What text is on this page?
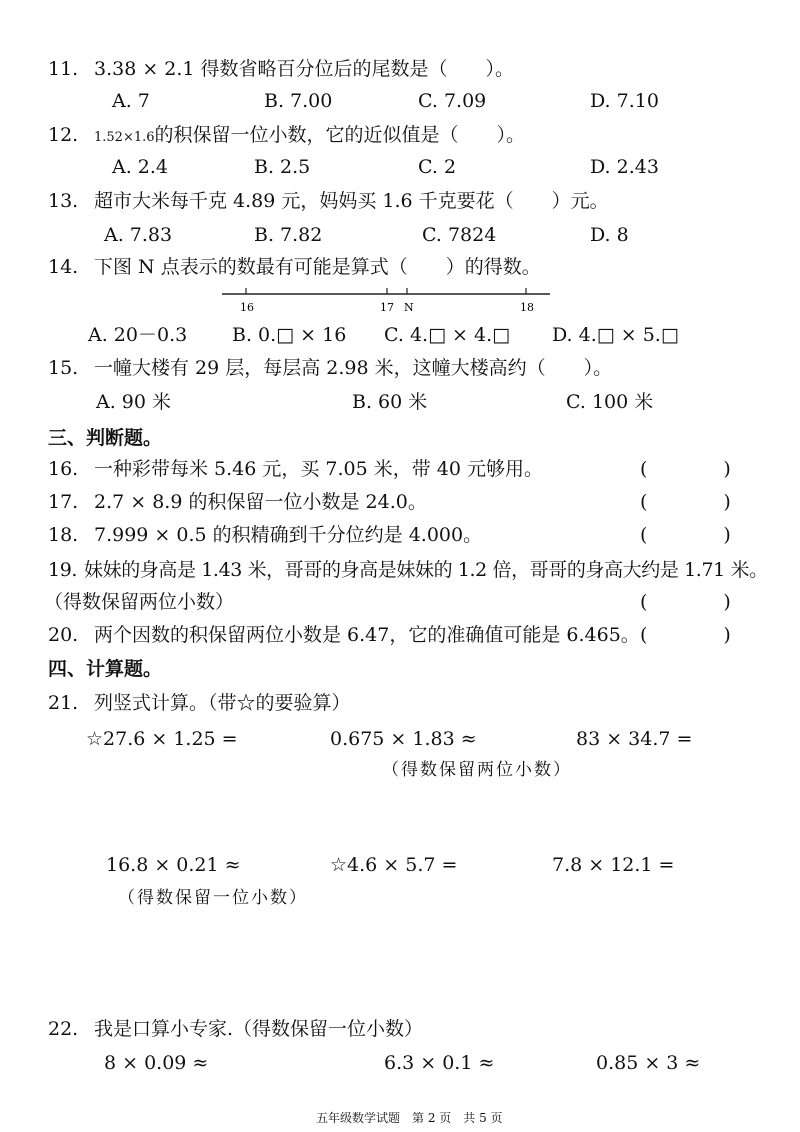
11. 3.38 × 2.1 得数省略百分位后的尾数是（　　）。
A. 7	B. 7.00	C. 7.09	D. 7.10
12. 1.52×1.6的积保留一位小数，它的近似值是（　　）。
A. 2.4	B. 2.5	C. 2	D. 2.43
13. 超市大米每千克 4.89 元，妈妈买 1.6 千克要花（　　）元。
A. 7.83	B. 7.82	C. 7824	D. 8
14. 下图 N 点表示的数最有可能是算式（　　）的得数。
16	17 N	18
A. 20－0.3 B. 0.□ × 16 C. 4.□ × 4.□ D. 4.□ × 5.□
15. 一幢大楼有 29 层，每层高 2.98 米，这幢大楼高约（　　）。
A. 90 米	B. 60 米	C. 100 米
三、判断题。
16. 一种彩带每米 5.46 元，买 7.05 米，带 40 元够用。	(　　　　)
17. 2.7 × 8.9 的积保留一位小数是 24.0。	(　　　　)
18. 7.999 × 0.5 的积精确到千分位约是 4.000。	(　　　　)
19. 妹妹的身高是 1.43 米，哥哥的身高是妹妹的 1.2 倍，哥哥的身高大约是 1.71 米。
（得数保留两位小数）	(　　　　)
20. 两个因数的积保留两位小数是 6.47，它的准确值可能是 6.465。 (　　　　)
四、计算题。
21. 列竖式计算。（带☆的要验算）
☆27.6 × 1.25 =	0.675 × 1.83 ≈	83 × 34.7 =
（得数保留两位小数）
16.8 × 0.21 ≈	☆4.6 × 5.7 =	7.8 × 12.1 =
（得数保留一位小数）
22. 我是口算小专家.（得数保留一位小数）
8 × 0.09 ≈	6.3 × 0.1 ≈	0.85 × 3 ≈
五年级数学试题　第 2 页　共 5 页
